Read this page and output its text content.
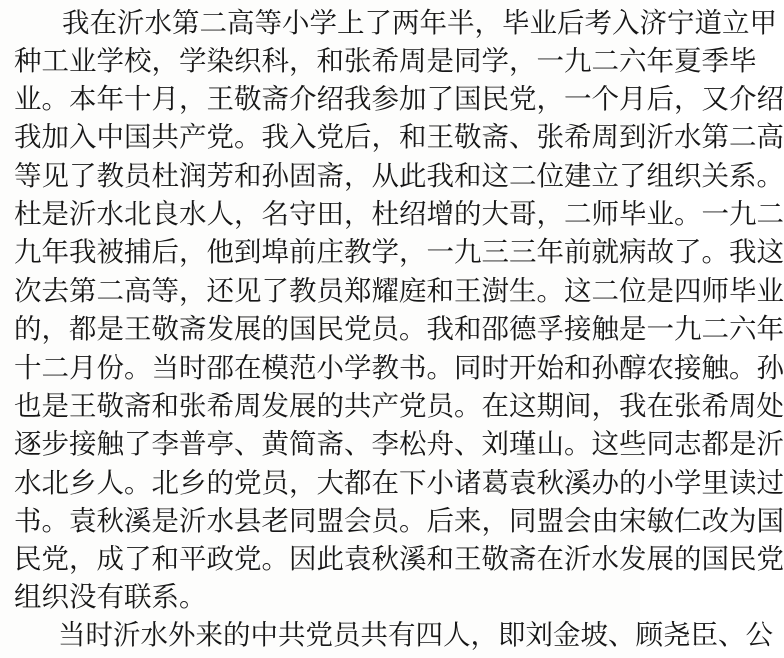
我在沂水第二高等小学上了两年半，毕业后考入济宁道立甲
种工业学校，学染织科，和张希周是同学，一九二六年夏季毕
业。本年十月，王敬斋介绍我参加了国民党，一个月后，又介绍
我加入中国共产党。我入党后，和王敬斋、张希周到沂水第二高
等见了教员杜润芳和孙固斋，从此我和这二位建立了组织关系。
杜是沂水北良水人，名守田，杜绍增的大哥，二师毕业。一九二
九年我被捕后，他到埠前庄教学，一九三三年前就病故了。我这
次去第二高等，还见了教员郑耀庭和王澍生。这二位是四师毕业
的，都是王敬斋发展的国民党员。我和邵德孚接触是一九二六年
十二月份。当时邵在模范小学教书。同时开始和孙醇农接触。孙
也是王敬斋和张希周发展的共产党员。在这期间，我在张希周处
逐步接触了李普亭、黄简斋、李松舟、刘瑾山。这些同志都是沂
水北乡人。北乡的党员，大都在下小诸葛袁秋溪办的小学里读过
书。袁秋溪是沂水县老同盟会员。后来，同盟会由宋敏仁改为国
民党，成了和平政党。因此袁秋溪和王敬斋在沂水发展的国民党
组织没有联系。
当时沂水外来的中共党员共有四人，即刘金坡、顾尧臣、公
